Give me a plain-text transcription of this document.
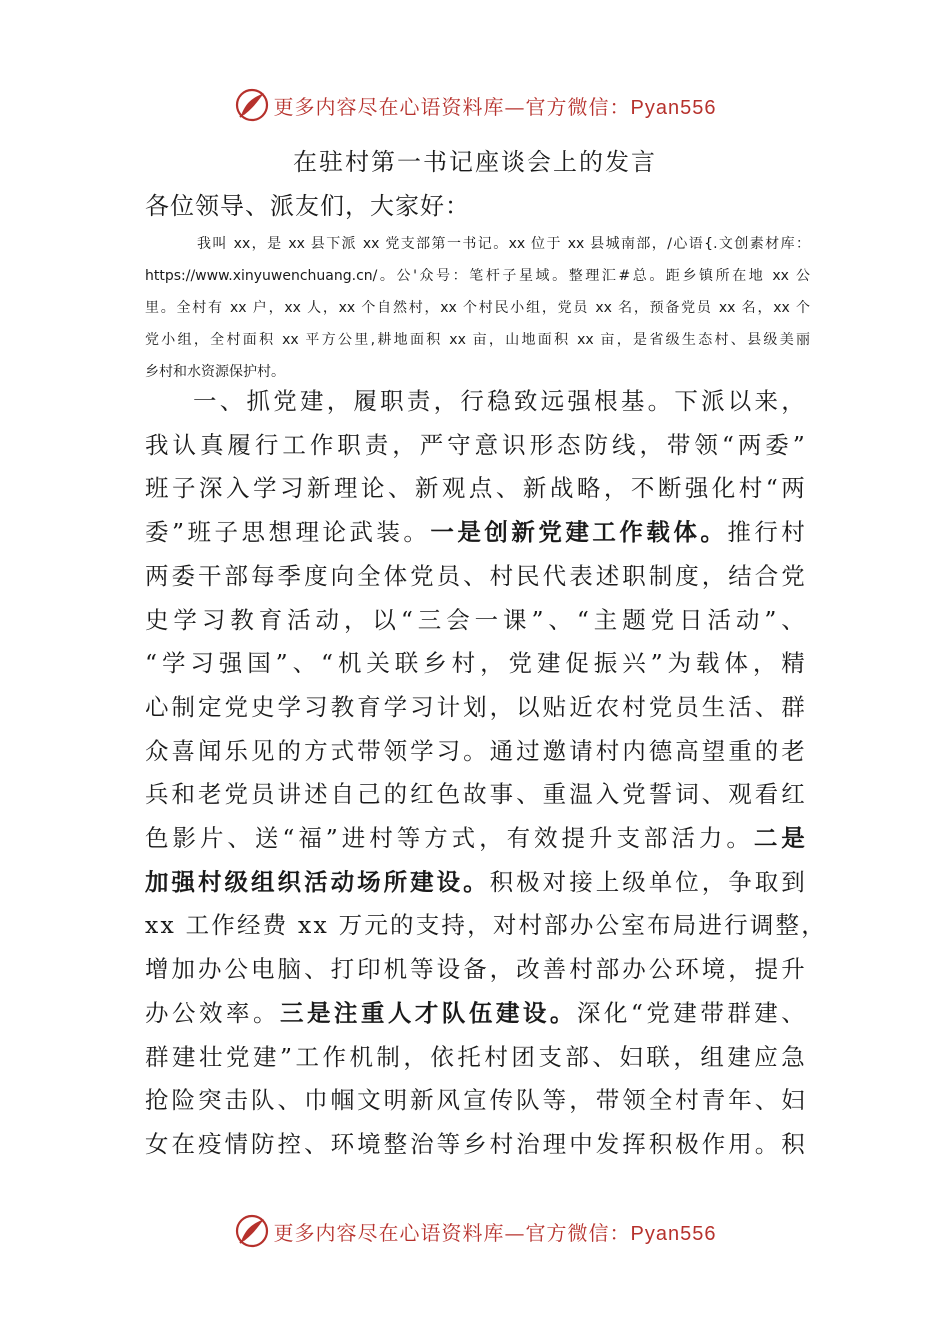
更多内容尽在心语资料库—官方微信：Pyan556
在驻村第一书记座谈会上的发言
各位领导、派友们，大家好：
我叫 xx，是 xx 县下派 xx 党支部第一书记。xx 位于 xx 县城南部，/心语{.文创素材库：
https://www.xinyuwenchuang.cn/。公'众号：笔杆子星域。整理汇#总。距乡镇所在地 xx 公
里。全村有 xx 户，xx 人，xx 个自然村，xx 个村民小组，党员 xx 名，预备党员 xx 名，xx 个
党小组，全村面积 xx 平方公里,耕地面积 xx 亩，山地面积 xx 亩，是省级生态村、县级美丽
乡村和水资源保护村。
一、抓党建，履职责，行稳致远强根基。下派以来，
我认真履行工作职责，严守意识形态防线，带领“两委”
班子深入学习新理论、新观点、新战略，不断强化村“两
委”班子思想理论武装。一是创新党建工作载体。推行村
两委干部每季度向全体党员、村民代表述职制度，结合党
史学习教育活动，以“三会一课”、“主题党日活动”、
“学习强国”、“机关联乡村，党建促振兴”为载体，精
心制定党史学习教育学习计划，以贴近农村党员生活、群
众喜闻乐见的方式带领学习。通过邀请村内德高望重的老
兵和老党员讲述自己的红色故事、重温入党誓词、观看红
色影片、送“福”进村等方式，有效提升支部活力。二是
加强村级组织活动场所建设。积极对接上级单位，争取到
xx 工作经费 xx 万元的支持，对村部办公室布局进行调整，
增加办公电脑、打印机等设备，改善村部办公环境，提升
办公效率。三是注重人才队伍建设。深化“党建带群建、
群建壮党建”工作机制，依托村团支部、妇联，组建应急
抢险突击队、巾帼文明新风宣传队等，带领全村青年、妇
女在疫情防控、环境整治等乡村治理中发挥积极作用。积
更多内容尽在心语资料库—官方微信：Pyan556
